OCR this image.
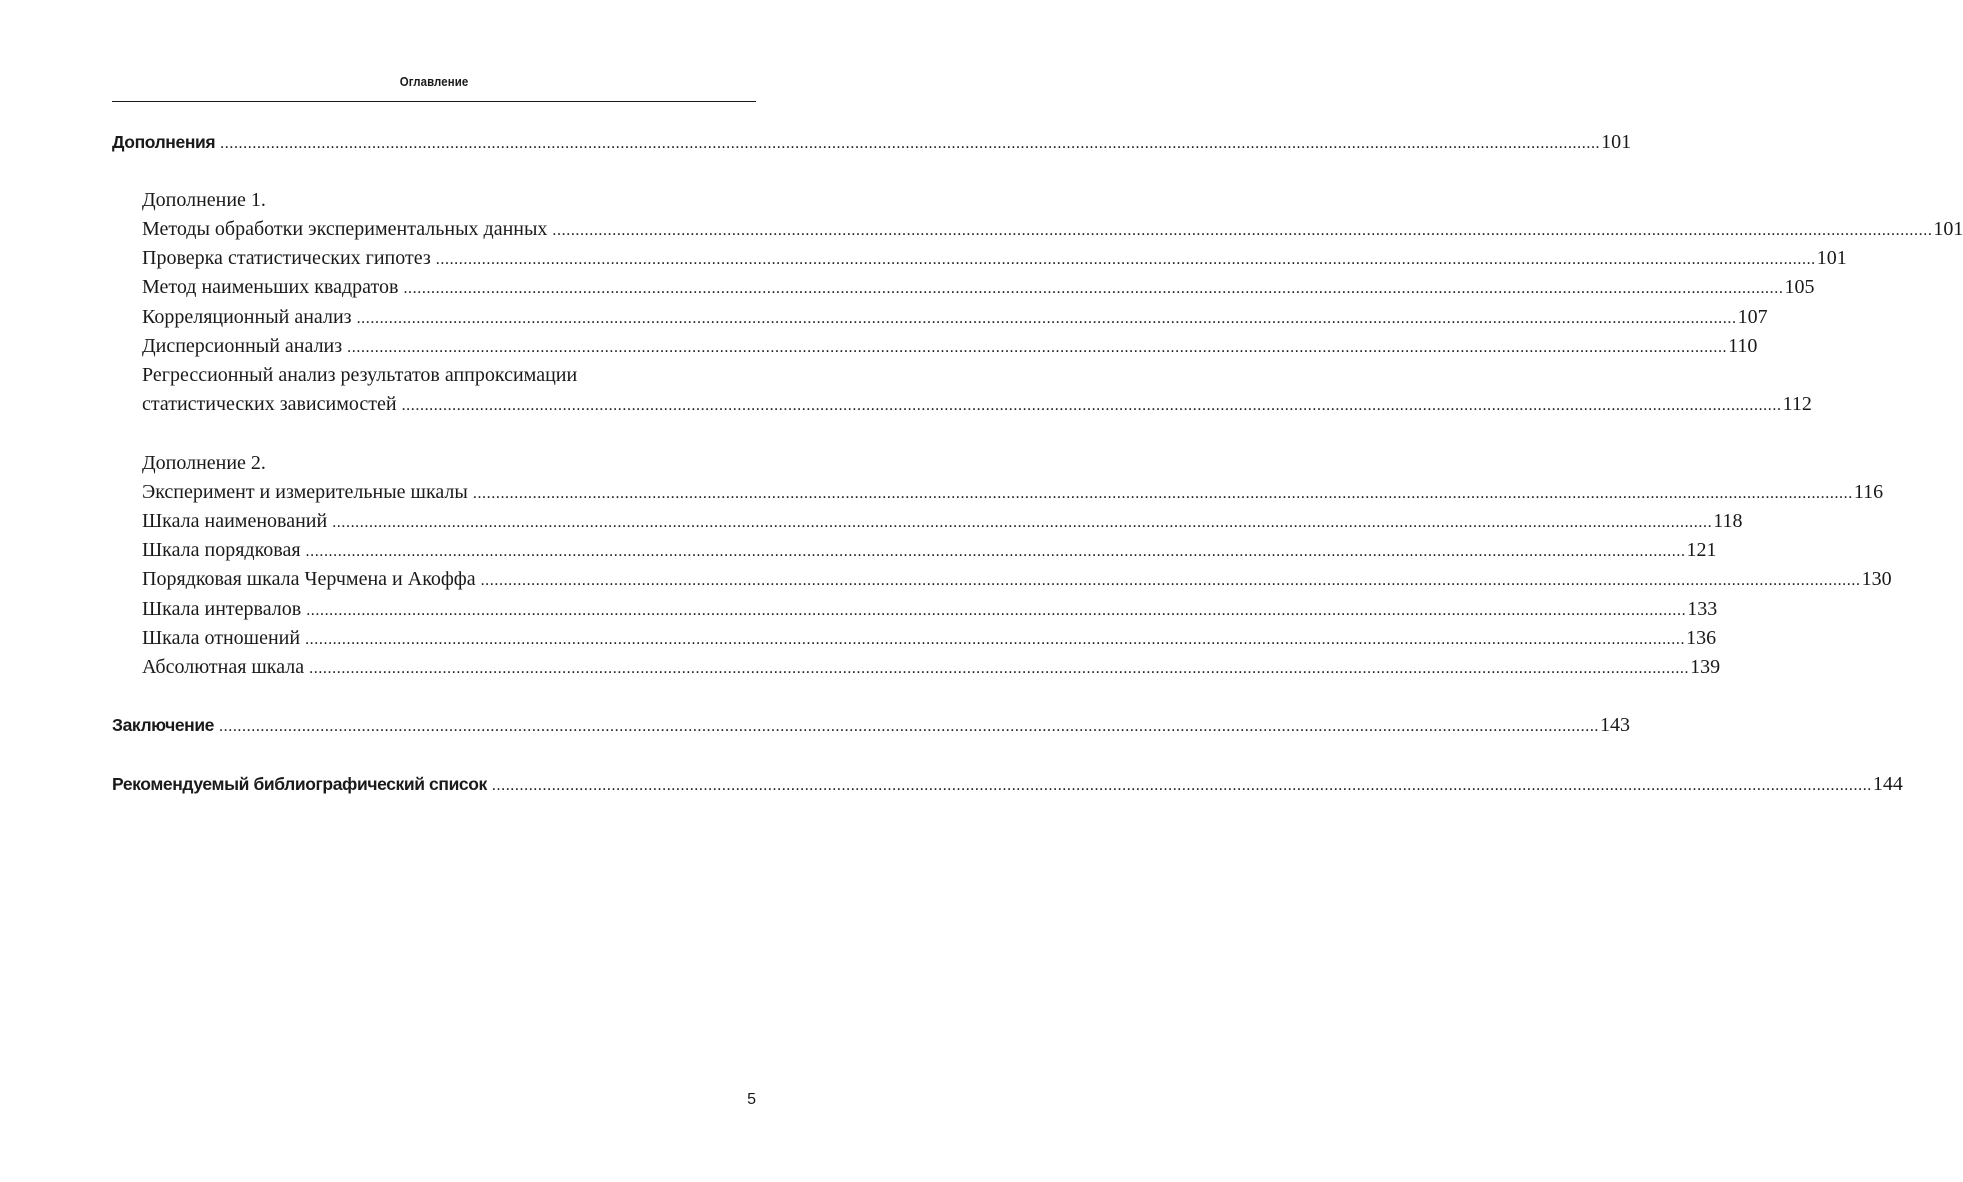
Оглавление
Дополнения ............................................................................................................................................................................................................................................................................................................ 101
Дополнение 1.
Методы обработки экспериментальных данных ............................................................................................................................................................................................................................................................................................................ 101
Проверка статистических гипотез ............................................................................................................................................................................................................................................................................................................ 101
Метод наименьших квадратов ............................................................................................................................................................................................................................................................................................................ 105
Корреляционный анализ ............................................................................................................................................................................................................................................................................................................ 107
Дисперсионный анализ ............................................................................................................................................................................................................................................................................................................ 110
Регрессионный анализ результатов аппроксимации
статистических зависимостей ............................................................................................................................................................................................................................................................................................................ 112
Дополнение 2.
Эксперимент и измерительные шкалы ............................................................................................................................................................................................................................................................................................................ 116
Шкала наименований ............................................................................................................................................................................................................................................................................................................ 118
Шкала порядковая ............................................................................................................................................................................................................................................................................................................ 121
Порядковая шкала Черчмена и Акоффа ............................................................................................................................................................................................................................................................................................................ 130
Шкала интервалов ............................................................................................................................................................................................................................................................................................................ 133
Шкала отношений ............................................................................................................................................................................................................................................................................................................ 136
Абсолютная шкала ............................................................................................................................................................................................................................................................................................................ 139
Заключение ............................................................................................................................................................................................................................................................................................................ 143
Рекомендуемый библиографический список ............................................................................................................................................................................................................................................................................................................ 144
5
